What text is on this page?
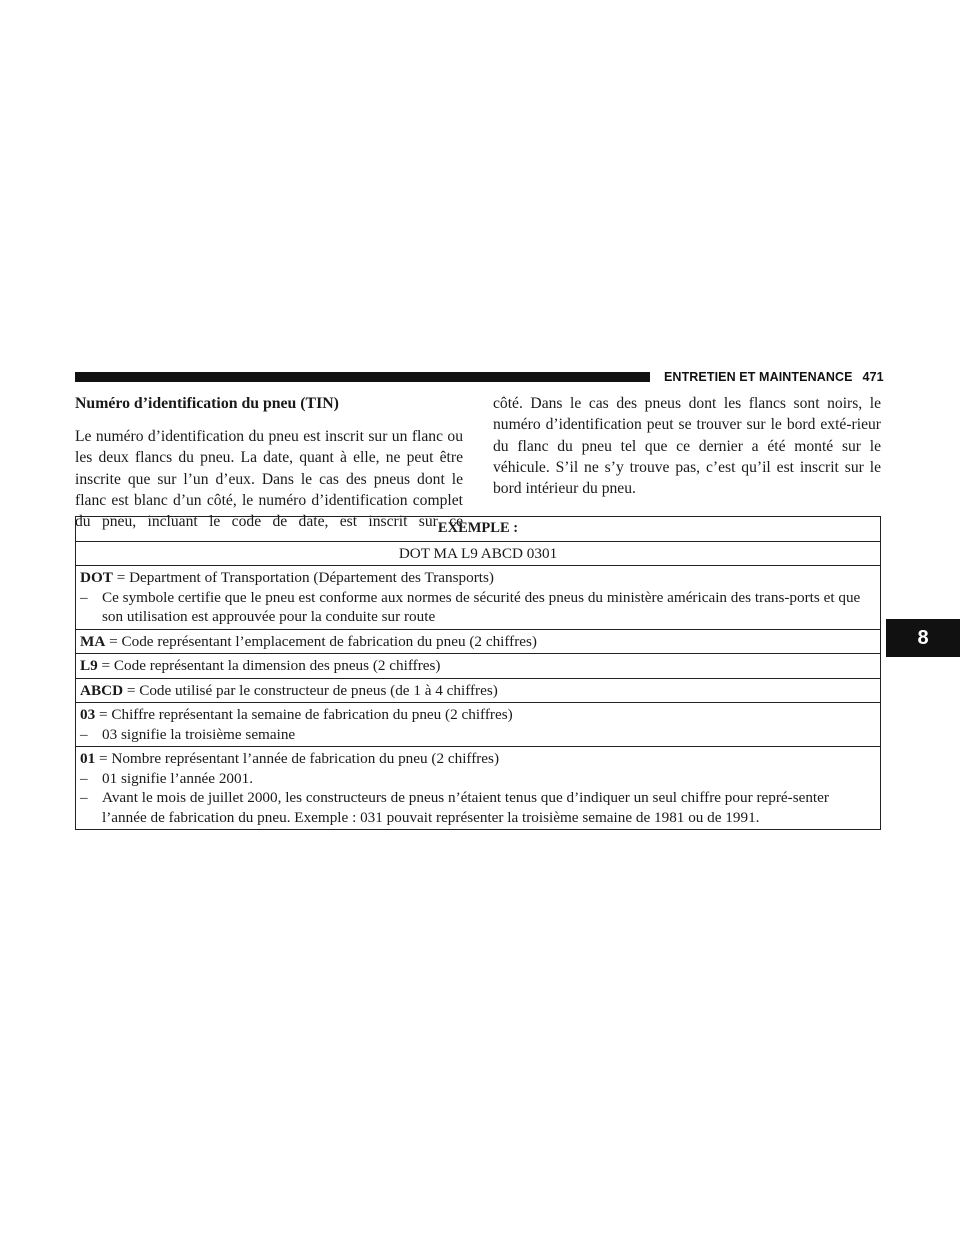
ENTRETIEN ET MAINTENANCE 471
8
Numéro d’identification du pneu (TIN)

Le numéro d’identification du pneu est inscrit sur un flanc ou les deux flancs du pneu. La date, quant à elle, ne peut être inscrite que sur l’un d’eux. Dans le cas des pneus dont le flanc est blanc d’un côté, le numéro d’identification complet du pneu, incluant le code de date, est inscrit sur ce

côté. Dans le cas des pneus dont les flancs sont noirs, le numéro d’identification peut se trouver sur le bord exté-rieur du flanc du pneu tel que ce dernier a été monté sur le véhicule. S’il ne s’y trouve pas, c’est qu’il est inscrit sur le bord intérieur du pneu.

EXEMPLE :
DOT MA L9 ABCD 0301

DOT = Department of Transportation (Département des Transports)
– Ce symbole certifie que le pneu est conforme aux normes de sécurité des pneus du ministère américain des trans-ports et que son utilisation est approuvée pour la conduite sur route

MA = Code représentant l’emplacement de fabrication du pneu (2 chiffres)
L9 = Code représentant la dimension des pneus (2 chiffres)
ABCD = Code utilisé par le constructeur de pneus (de 1 à 4 chiffres)

03 = Chiffre représentant la semaine de fabrication du pneu (2 chiffres)
– 03 signifie la troisième semaine

01 = Nombre représentant l’année de fabrication du pneu (2 chiffres)
– 01 signifie l’année 2001.
– Avant le mois de juillet 2000, les constructeurs de pneus n’étaient tenus que d’indiquer un seul chiffre pour repré-senter l’année de fabrication du pneu. Exemple : 031 pouvait représenter la troisième semaine de 1981 ou de 1991.
